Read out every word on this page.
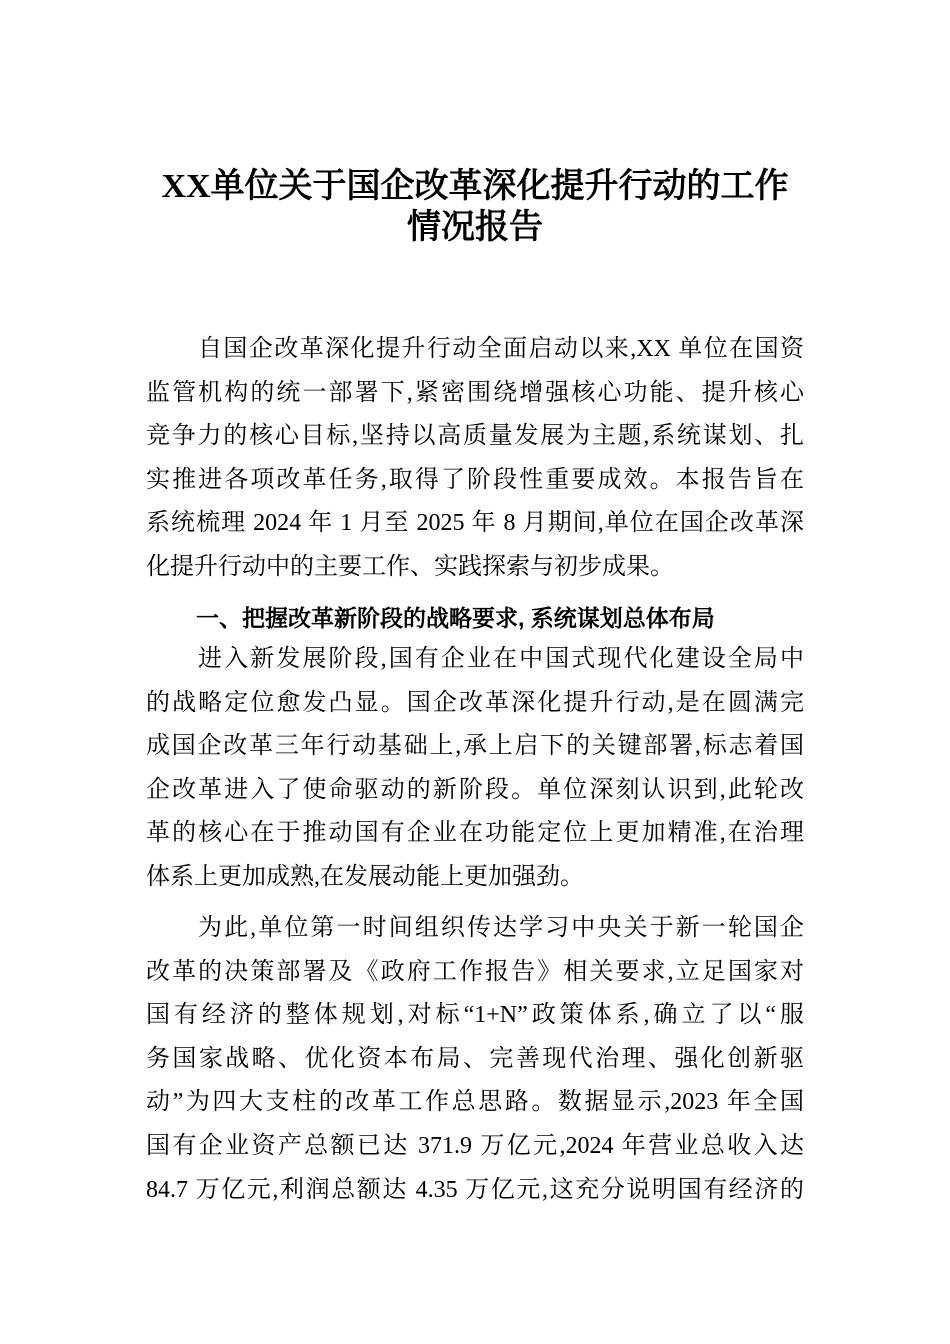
XX单位关于国企改革深化提升行动的工作
情况报告
自国企改革深化提升行动全面启动以来,XX 单位在国资
监管机构的统一部署下,紧密围绕增强核心功能、提升核心
竞争力的核心目标,坚持以高质量发展为主题,系统谋划、扎
实推进各项改革任务,取得了阶段性重要成效。本报告旨在
系统梳理 2024 年 1 月至 2025 年 8 月期间,单位在国企改革深
化提升行动中的主要工作、实践探索与初步成果。
一、把握改革新阶段的战略要求, 系统谋划总体布局
进入新发展阶段,国有企业在中国式现代化建设全局中
的战略定位愈发凸显。国企改革深化提升行动,是在圆满完
成国企改革三年行动基础上,承上启下的关键部署,标志着国
企改革进入了使命驱动的新阶段。单位深刻认识到,此轮改
革的核心在于推动国有企业在功能定位上更加精准,在治理
体系上更加成熟,在发展动能上更加强劲。
为此,单位第一时间组织传达学习中央关于新一轮国企
改革的决策部署及《政府工作报告》相关要求,立足国家对
国有经济的整体规划,对标“1+N”政策体系,确立了以“服
务国家战略、优化资本布局、完善现代治理、强化创新驱
动”为四大支柱的改革工作总思路。数据显示,2023 年全国
国有企业资产总额已达 371.9 万亿元,2024 年营业总收入达
84.7 万亿元,利润总额达 4.35 万亿元,这充分说明国有经济的
